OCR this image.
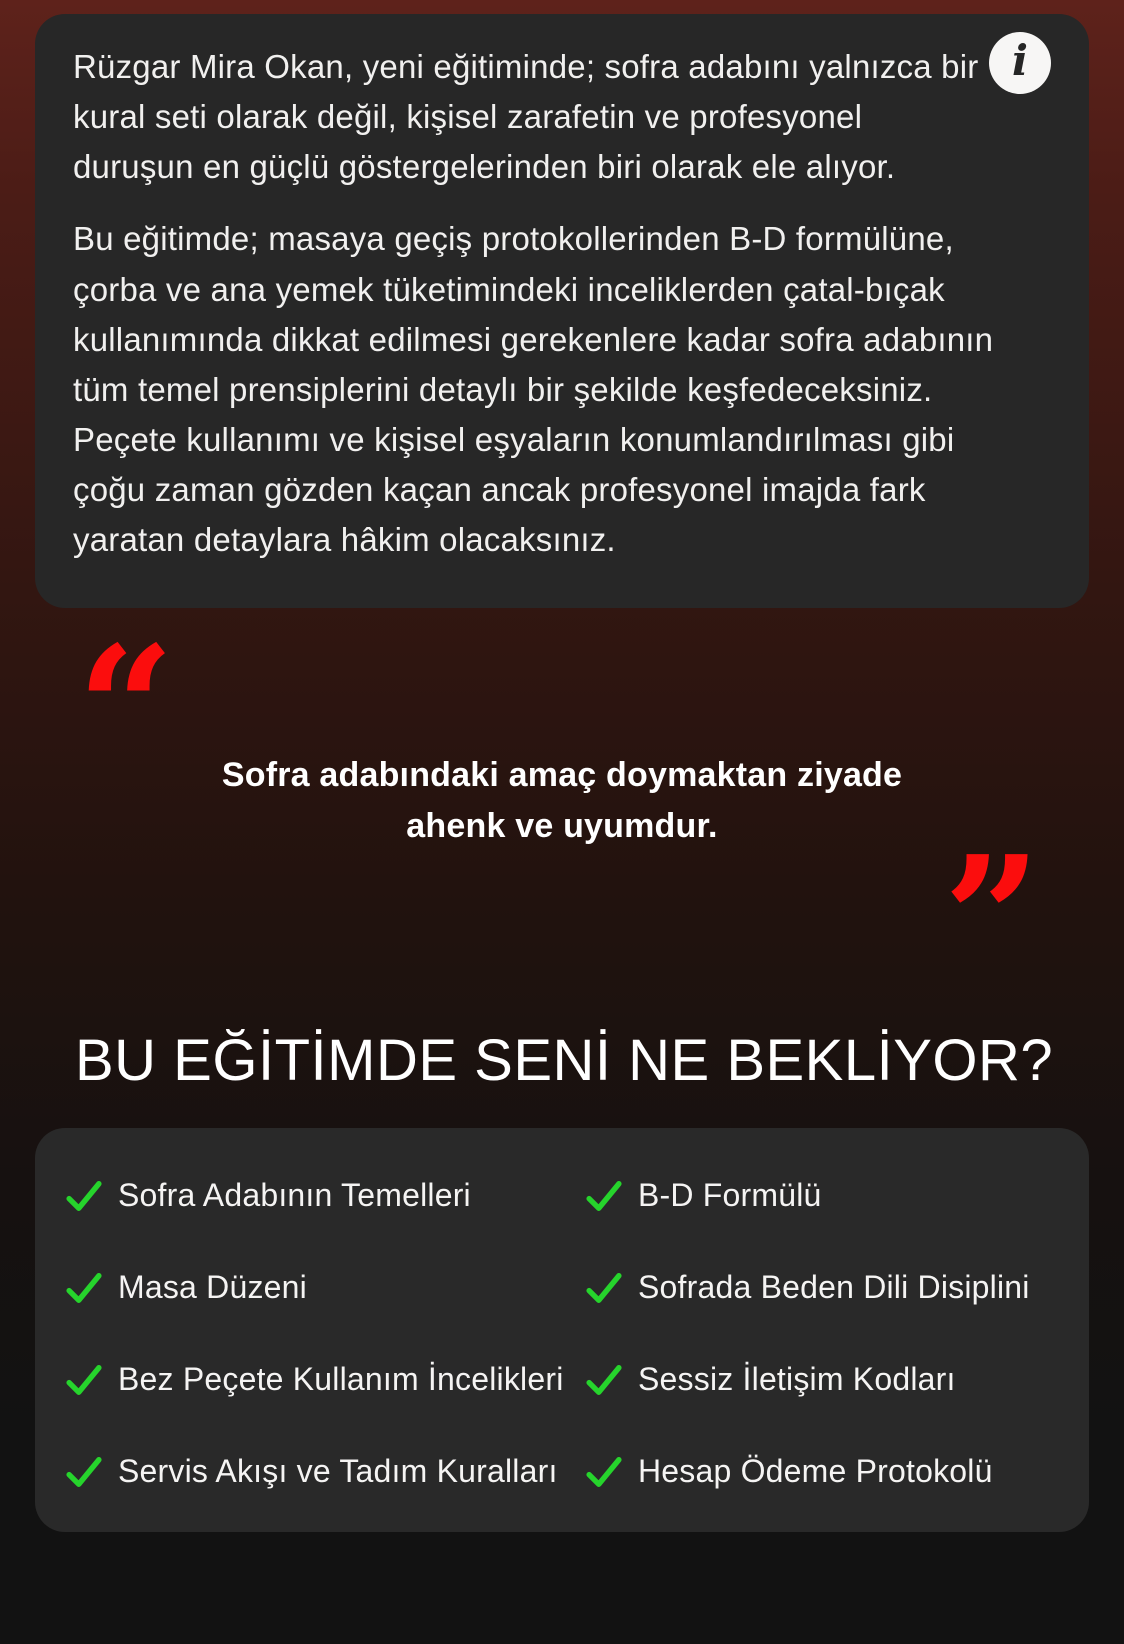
i

Rüzgar Mira Okan, yeni eğitiminde; sofra adabını yalnızca bir kural seti olarak değil, kişisel zarafetin ve profesyonel duruşun en güçlü göstergelerinden biri olarak ele alıyor.

Bu eğitimde; masaya geçiş protokollerinden B-D formülüne, çorba ve ana yemek tüketimindeki inceliklerden çatal-bıçak kullanımında dikkat edilmesi gerekenlere kadar sofra adabının tüm temel prensiplerini detaylı bir şekilde keşfedeceksiniz. Peçete kullanımı ve kişisel eşyaların konumlandırılması gibi çoğu zaman gözden kaçan ancak profesyonel imajda fark yaratan detaylara hâkim olacaksınız.

“	Sofra adabındaki amaç doymaktan ziyade
ahenk ve uyumdur.	”
BU EĞİTİMDE SENİ NE BEKLİYOR?
Sofra Adabının Temelleri
Masa Düzeni
Bez Peçete Kullanım İncelikleri
Servis Akışı ve Tadım Kuralları
B-D Formülü
Sofrada Beden Dili Disiplini
Sessiz İletişim Kodları
Hesap Ödeme Protokolü
